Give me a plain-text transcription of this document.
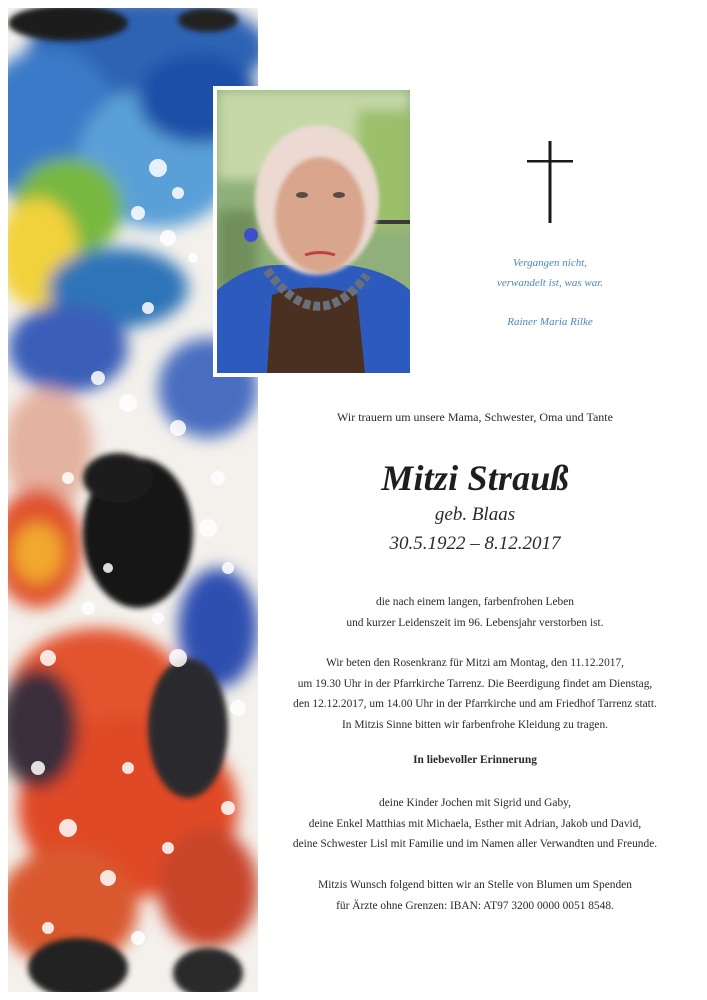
Vergangen nicht,
verwandelt ist, was war.
Rainer Maria Rilke
Wir trauern um unsere Mama, Schwester, Oma und Tante
Mitzi Strauß
geb. Blaas
30.5.1922 – 8.12.2017
die nach einem langen, farbenfrohen Leben
und kurzer Leidenszeit im 96. Lebensjahr verstorben ist.
Wir beten den Rosenkranz für Mitzi am Montag, den 11.12.2017,
um 19.30 Uhr in der Pfarrkirche Tarrenz. Die Beerdigung findet am Dienstag,
den 12.12.2017, um 14.00 Uhr in der Pfarrkirche und am Friedhof Tarrenz statt.
In Mitzis Sinne bitten wir farbenfrohe Kleidung zu tragen.
In liebevoller Erinnerung
deine Kinder Jochen mit Sigrid und Gaby,
deine Enkel Matthias mit Michaela, Esther mit Adrian, Jakob und David,
deine Schwester Lisl mit Familie und im Namen aller Verwandten und Freunde.
Mitzis Wunsch folgend bitten wir an Stelle von Blumen um Spenden
für Ärzte ohne Grenzen: IBAN: AT97 3200 0000 0051 8548.
